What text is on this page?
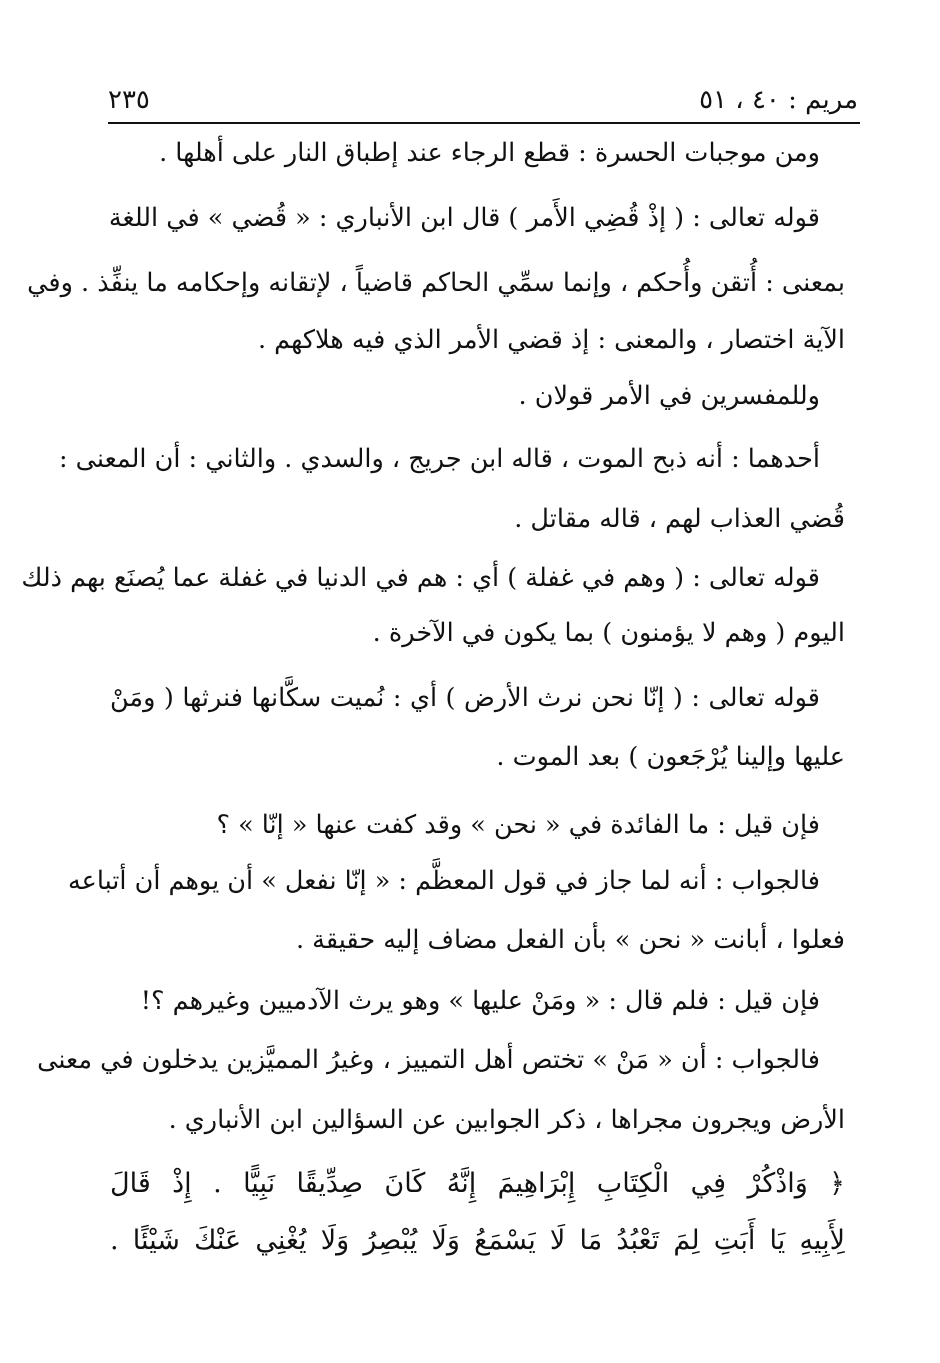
مريم : ٤٠ ، ٥١
٢٣٥
ومن موجبات الحسرة : قطع الرجاء عند إطباق النار على أهلها .
قوله تعالى : ( إذْ قُضِي الأَمر ) قال ابن الأنباري : « قُضي » في اللغة
بمعنى : أُتقن وأُحكم ، وإنما سمِّي الحاكم قاضياً ، لإتقانه وإحكامه ما ينفِّذ . وفي
الآية اختصار ، والمعنى : إذ قضي الأمر الذي فيه هلاكهم .
وللمفسرين في الأمر قولان .
أحدهما : أنه ذبح الموت ، قاله ابن جريج ، والسدي . والثاني : أن المعنى :
قُضي العذاب لهم ، قاله مقاتل .
قوله تعالى : ( وهم في غفلة ) أي : هم في الدنيا في غفلة عما يُصنَع بهم ذلك
اليوم ( وهم لا يؤمنون ) بما يكون في الآخرة .
قوله تعالى : ( إنّا نحن نرث الأرض ) أي : نُميت سكَّانها فنرثها ( ومَنْ
عليها وإلينا يُرْجَعون ) بعد الموت .
فإن قيل : ما الفائدة في « نحن » وقد كفت عنها « إنّا » ؟
فالجواب : أنه لما جاز في قول المعظَّم : « إنّا نفعل » أن يوهم أن أتباعه
فعلوا ، أبانت « نحن » بأن الفعل مضاف إليه حقيقة .
فإن قيل : فلم قال : « ومَنْ عليها » وهو يرث الآدميين وغيرهم ؟!
فالجواب : أن « مَنْ » تختص أهل التمييز ، وغيرُ المميَّزين يدخلون في معنى
الأرض ويجرون مجراها ، ذكر الجوابين عن السؤالين ابن الأنباري .
﴿ وَاذْكُرْ فِي الْكِتَابِ إِبْرَاهِيمَ إِنَّهُ كَانَ صِدِّيقًا نَبِيًّا . إِذْ قَالَ
لِأَبِيهِ يَا أَبَتِ لِمَ تَعْبُدُ مَا لَا يَسْمَعُ وَلَا يُبْصِرُ وَلَا يُغْنِي عَنْكَ شَيْئًا .
